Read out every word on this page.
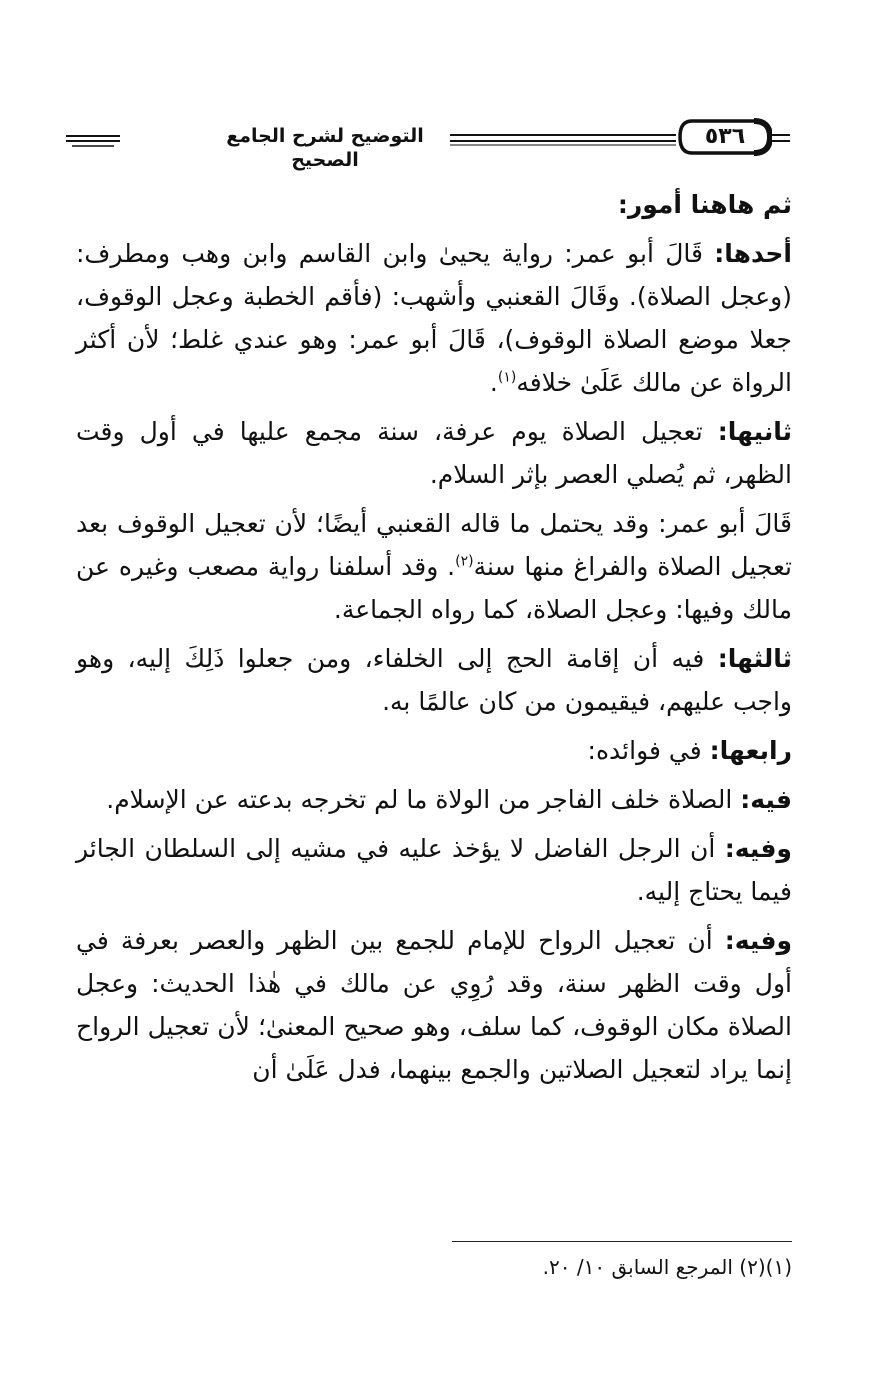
التوضيح لشرح الجامع الصحيح
٥٣٦

ثم هاهنا أمور:

أحدها: قَالَ أبو عمر: رواية يحيىٰ وابن القاسم وابن وهب ومطرف: (وعجل الصلاة). وقَالَ القعنبي وأشهب: (فأقم الخطبة وعجل الوقوف، جعلا موضع الصلاة الوقوف)، قَالَ أبو عمر: وهو عندي غلط؛ لأن أكثر الرواة عن مالك عَلَىٰ خلافه$^{(١)}$.

ثانيها: تعجيل الصلاة يوم عرفة، سنة مجمع عليها في أول وقت الظهر، ثم يُصلي العصر بإثر السلام.

قَالَ أبو عمر: وقد يحتمل ما قاله القعنبي أيضًا؛ لأن تعجيل الوقوف بعد تعجيل الصلاة والفراغ منها سنة$^{(٢)}$. وقد أسلفنا رواية مصعب وغيره عن مالك وفيها: وعجل الصلاة، كما رواه الجماعة.

ثالثها: فيه أن إقامة الحج إلى الخلفاء، ومن جعلوا ذَلِكَ إليه، وهو واجب عليهم، فيقيمون من كان عالمًا به.

رابعها: في فوائده:

فيه: الصلاة خلف الفاجر من الولاة ما لم تخرجه بدعته عن الإسلام.

وفيه: أن الرجل الفاضل لا يؤخذ عليه في مشيه إلى السلطان الجائر فيما يحتاج إليه.

وفيه: أن تعجيل الرواح للإمام للجمع بين الظهر والعصر بعرفة في أول وقت الظهر سنة، وقد رُوِي عن مالك في هٰذا الحديث: وعجل الصلاة مكان الوقوف، كما سلف، وهو صحيح المعنىٰ؛ لأن تعجيل الرواح إنما يراد لتعجيل الصلاتين والجمع بينهما، فدل عَلَىٰ أن

(١)(٢) المرجع السابق ١٠/ ٢٠.
